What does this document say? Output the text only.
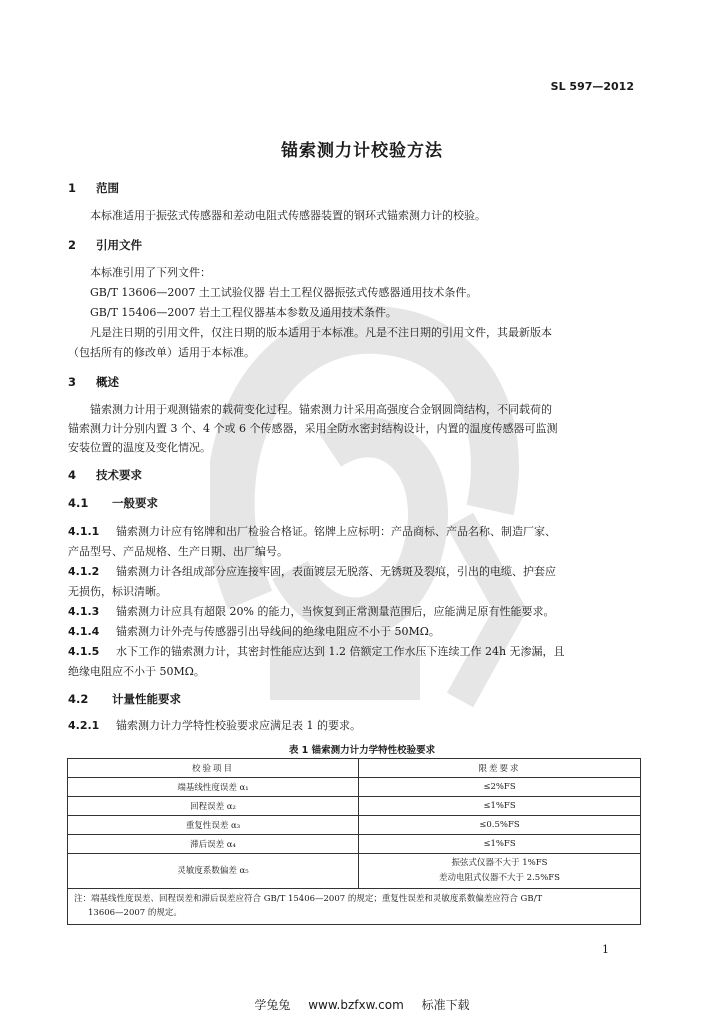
SL 597—2012
锚索测力计校验方法
1 范围
本标准适用于振弦式传感器和差动电阻式传感器装置的钢环式锚索测力计的校验。
2 引用文件
本标准引用了下列文件：
GB/T 13606—2007 土工试验仪器 岩土工程仪器振弦式传感器通用技术条件。
GB/T 15406—2007 岩土工程仪器基本参数及通用技术条件。
凡是注日期的引用文件，仅注日期的版本适用于本标准。凡是不注日期的引用文件，其最新版本
（包括所有的修改单）适用于本标准。
3 概述
锚索测力计用于观测锚索的载荷变化过程。锚索测力计采用高强度合金钢圆筒结构，不同载荷的
锚索测力计分别内置 3 个、4 个或 6 个传感器，采用全防水密封结构设计，内置的温度传感器可监测
安装位置的温度及变化情况。
4 技术要求
4.1 一般要求
4.1.1 锚索测力计应有铭牌和出厂检验合格证。铭牌上应标明：产品商标、产品名称、制造厂家、
产品型号、产品规格、生产日期、出厂编号。
4.1.2 锚索测力计各组成部分应连接牢固，表面镀层无脱落、无锈斑及裂痕，引出的电缆、护套应
无损伤，标识清晰。
4.1.3 锚索测力计应具有超限 20% 的能力，当恢复到正常测量范围后，应能满足原有性能要求。
4.1.4 锚索测力计外壳与传感器引出导线间的绝缘电阻应不小于 50MΩ。
4.1.5 水下工作的锚索测力计，其密封性能应达到 1.2 倍额定工作水压下连续工作 24h 无渗漏，且
绝缘电阻应不小于 50MΩ。
4.2 计量性能要求
4.2.1 锚索测力计力学特性校验要求应满足表 1 的要求。
表 1 锚索测力计力学特性校验要求
校验项目	限差要求
端基线性度误差 α₁	≤2%FS
回程误差 α₂	≤1%FS
重复性误差 α₃	≤0.5%FS
滞后误差 α₄	≤1%FS
灵敏度系数偏差 α₅	振弦式仪器不大于 1%FS
差动电阻式仪器不大于 2.5%FS

注：端基线性度误差、回程误差和滞后误差应符合 GB/T 15406—2007 的规定；重复性误差和灵敏度系数偏差应符合 GB/T
13606—2007 的规定。	
1
学兔兔 www.bzfxw.com 标准下载
